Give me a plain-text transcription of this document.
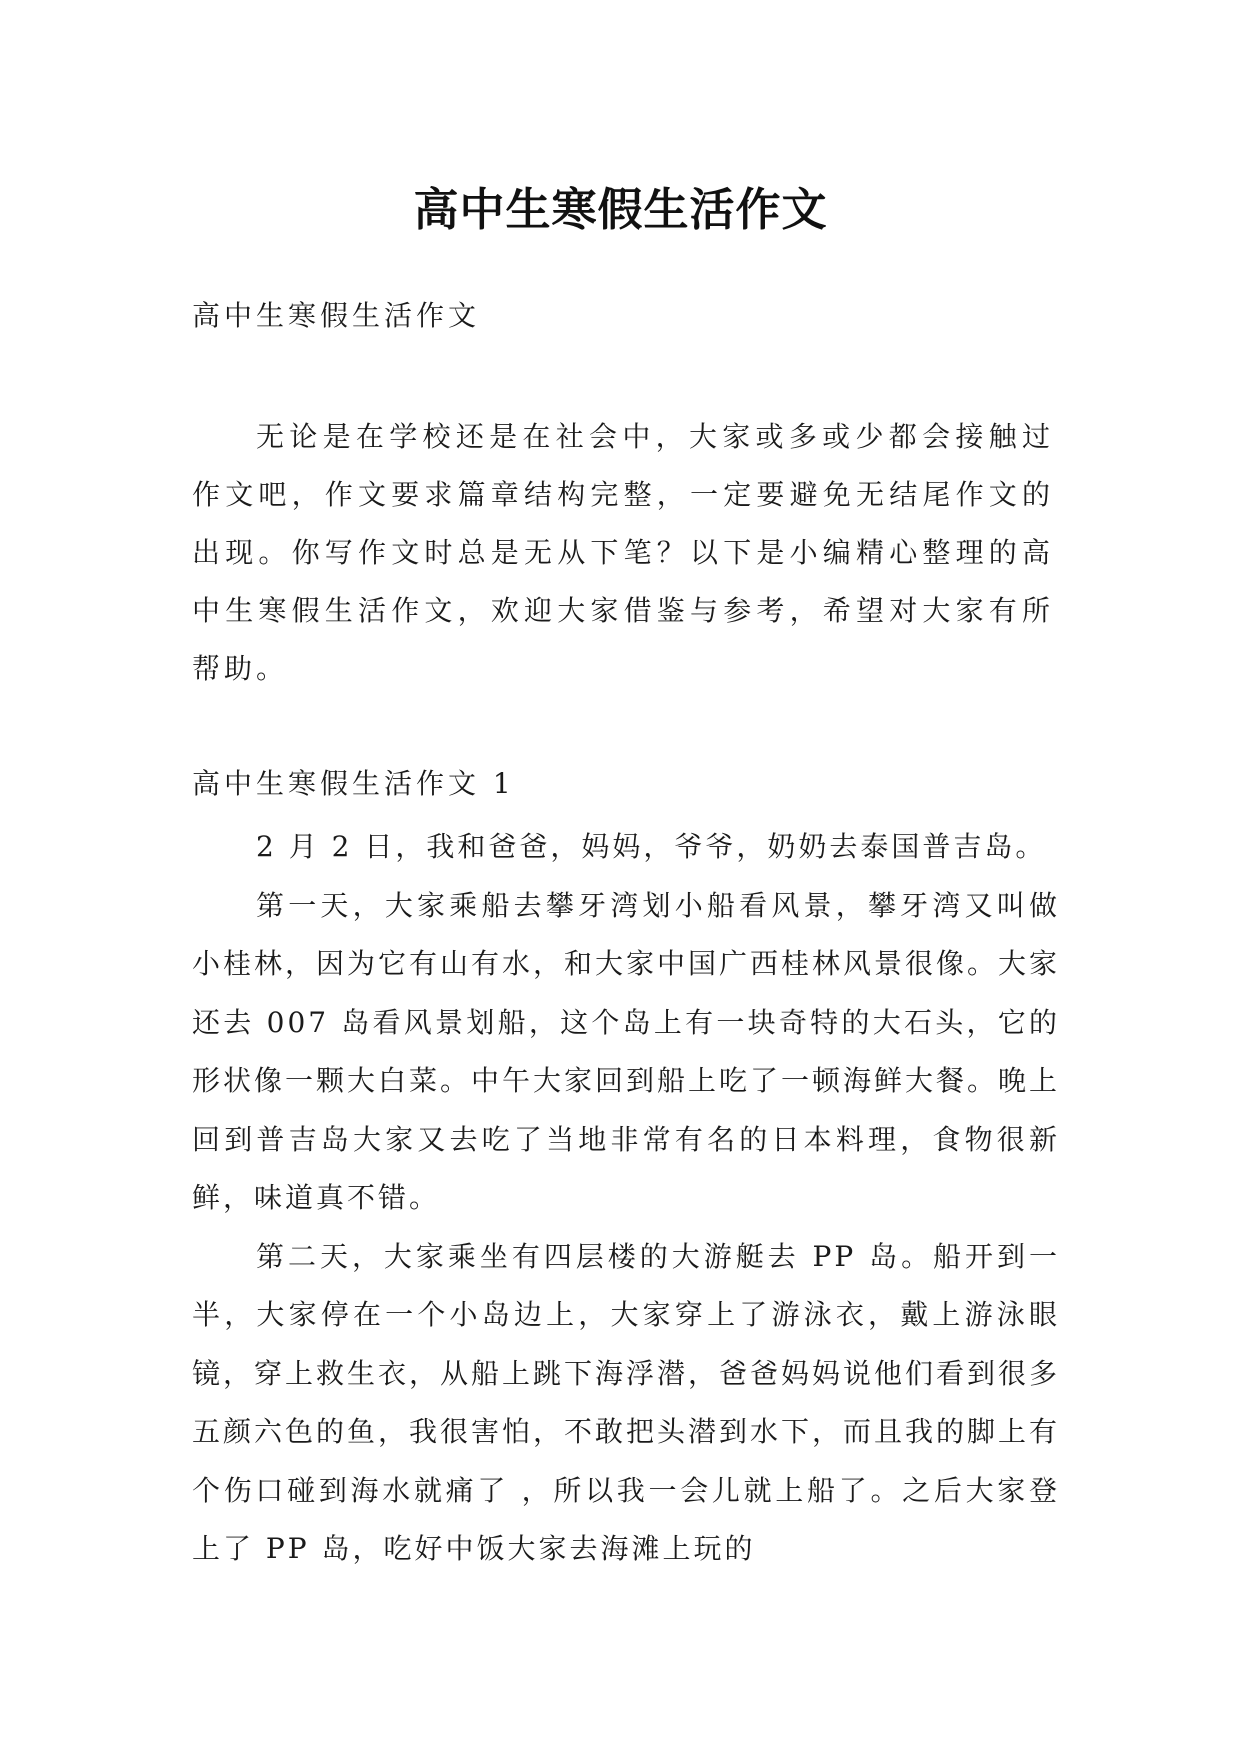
高中生寒假生活作文
高中生寒假生活作文

无论是在学校还是在社会中，大家或多或少都会接触过作文吧，作文要求篇章结构完整，一定要避免无结尾作文的出现。你写作文时总是无从下笔？以下是小编精心整理的高中生寒假生活作文，欢迎大家借鉴与参考，希望对大家有所帮助。

高中生寒假生活作文 1

2 月 2 日，我和爸爸，妈妈，爷爷，奶奶去泰国普吉岛。

第一天，大家乘船去攀牙湾划小船看风景，攀牙湾又叫做小桂林，因为它有山有水，和大家中国广西桂林风景很像。大家还去 007 岛看风景划船，这个岛上有一块奇特的大石头，它的形状像一颗大白菜。中午大家回到船上吃了一顿海鲜大餐。晚上回到普吉岛大家又去吃了当地非常有名的日本料理，食物很新鲜，味道真不错。

第二天，大家乘坐有四层楼的大游艇去 PP 岛。船开到一半，大家停在一个小岛边上，大家穿上了游泳衣，戴上游泳眼镜，穿上救生衣，从船上跳下海浮潜，爸爸妈妈说他们看到很多五颜六色的鱼，我很害怕，不敢把头潜到水下，而且我的脚上有个伤口碰到海水就痛了 ，所以我一会儿就上船了。之后大家登上了 PP 岛，吃好中饭大家去海滩上玩的
